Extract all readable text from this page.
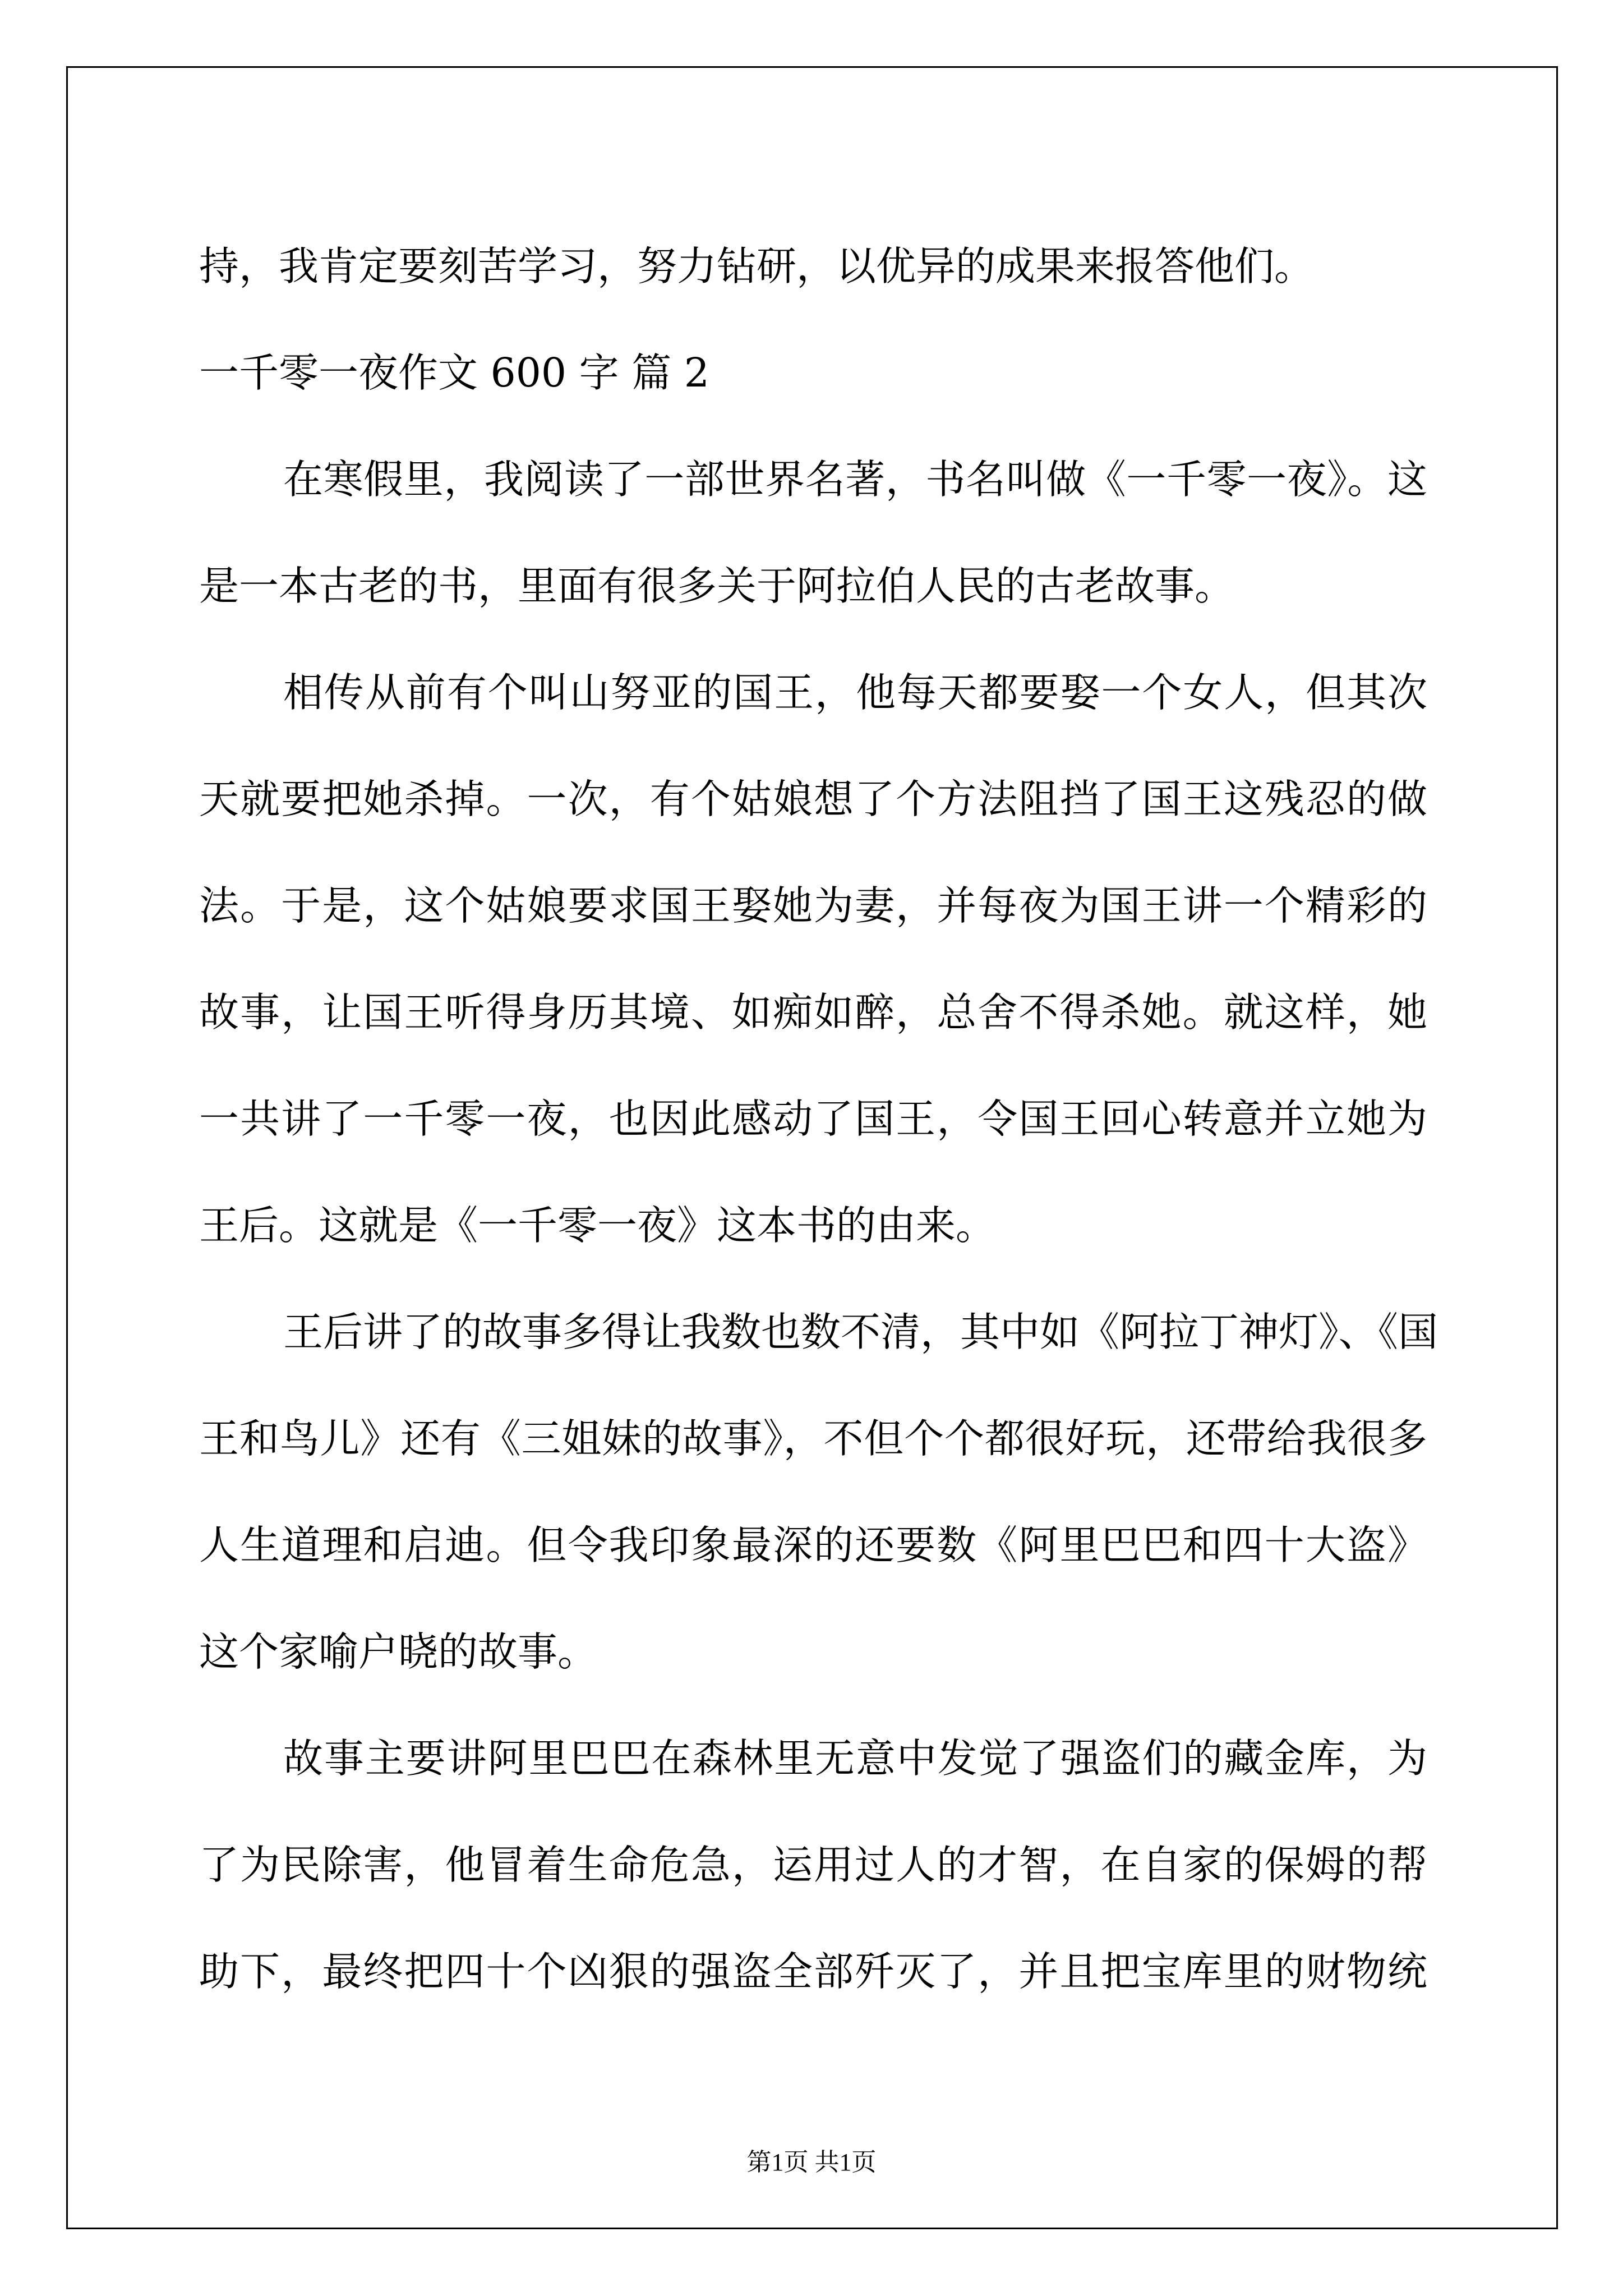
持，我肯定要刻苦学习，努力钻研，以优异的成果来报答他们。
一千零一夜作文 600 字 篇 2
在寒假里，我阅读了一部世界名著，书名叫做《一千零一夜》。这
是一本古老的书，里面有很多关于阿拉伯人民的古老故事。
相传从前有个叫山努亚的国王，他每天都要娶一个女人，但其次
天就要把她杀掉。一次，有个姑娘想了个方法阻挡了国王这残忍的做
法。于是，这个姑娘要求国王娶她为妻，并每夜为国王讲一个精彩的
故事，让国王听得身历其境、如痴如醉，总舍不得杀她。就这样，她
一共讲了一千零一夜，也因此感动了国王，令国王回心转意并立她为
王后。这就是《一千零一夜》这本书的由来。
王后讲了的故事多得让我数也数不清，其中如《阿拉丁神灯》、《国
王和鸟儿》还有《三姐妹的故事》，不但个个都很好玩，还带给我很多
人生道理和启迪。但令我印象最深的还要数《阿里巴巴和四十大盗》
这个家喻户晓的故事。
故事主要讲阿里巴巴在森林里无意中发觉了强盗们的藏金库，为
了为民除害，他冒着生命危急，运用过人的才智，在自家的保姆的帮
助下，最终把四十个凶狠的强盗全部歼灭了，并且把宝库里的财物统
第1页 共1页
